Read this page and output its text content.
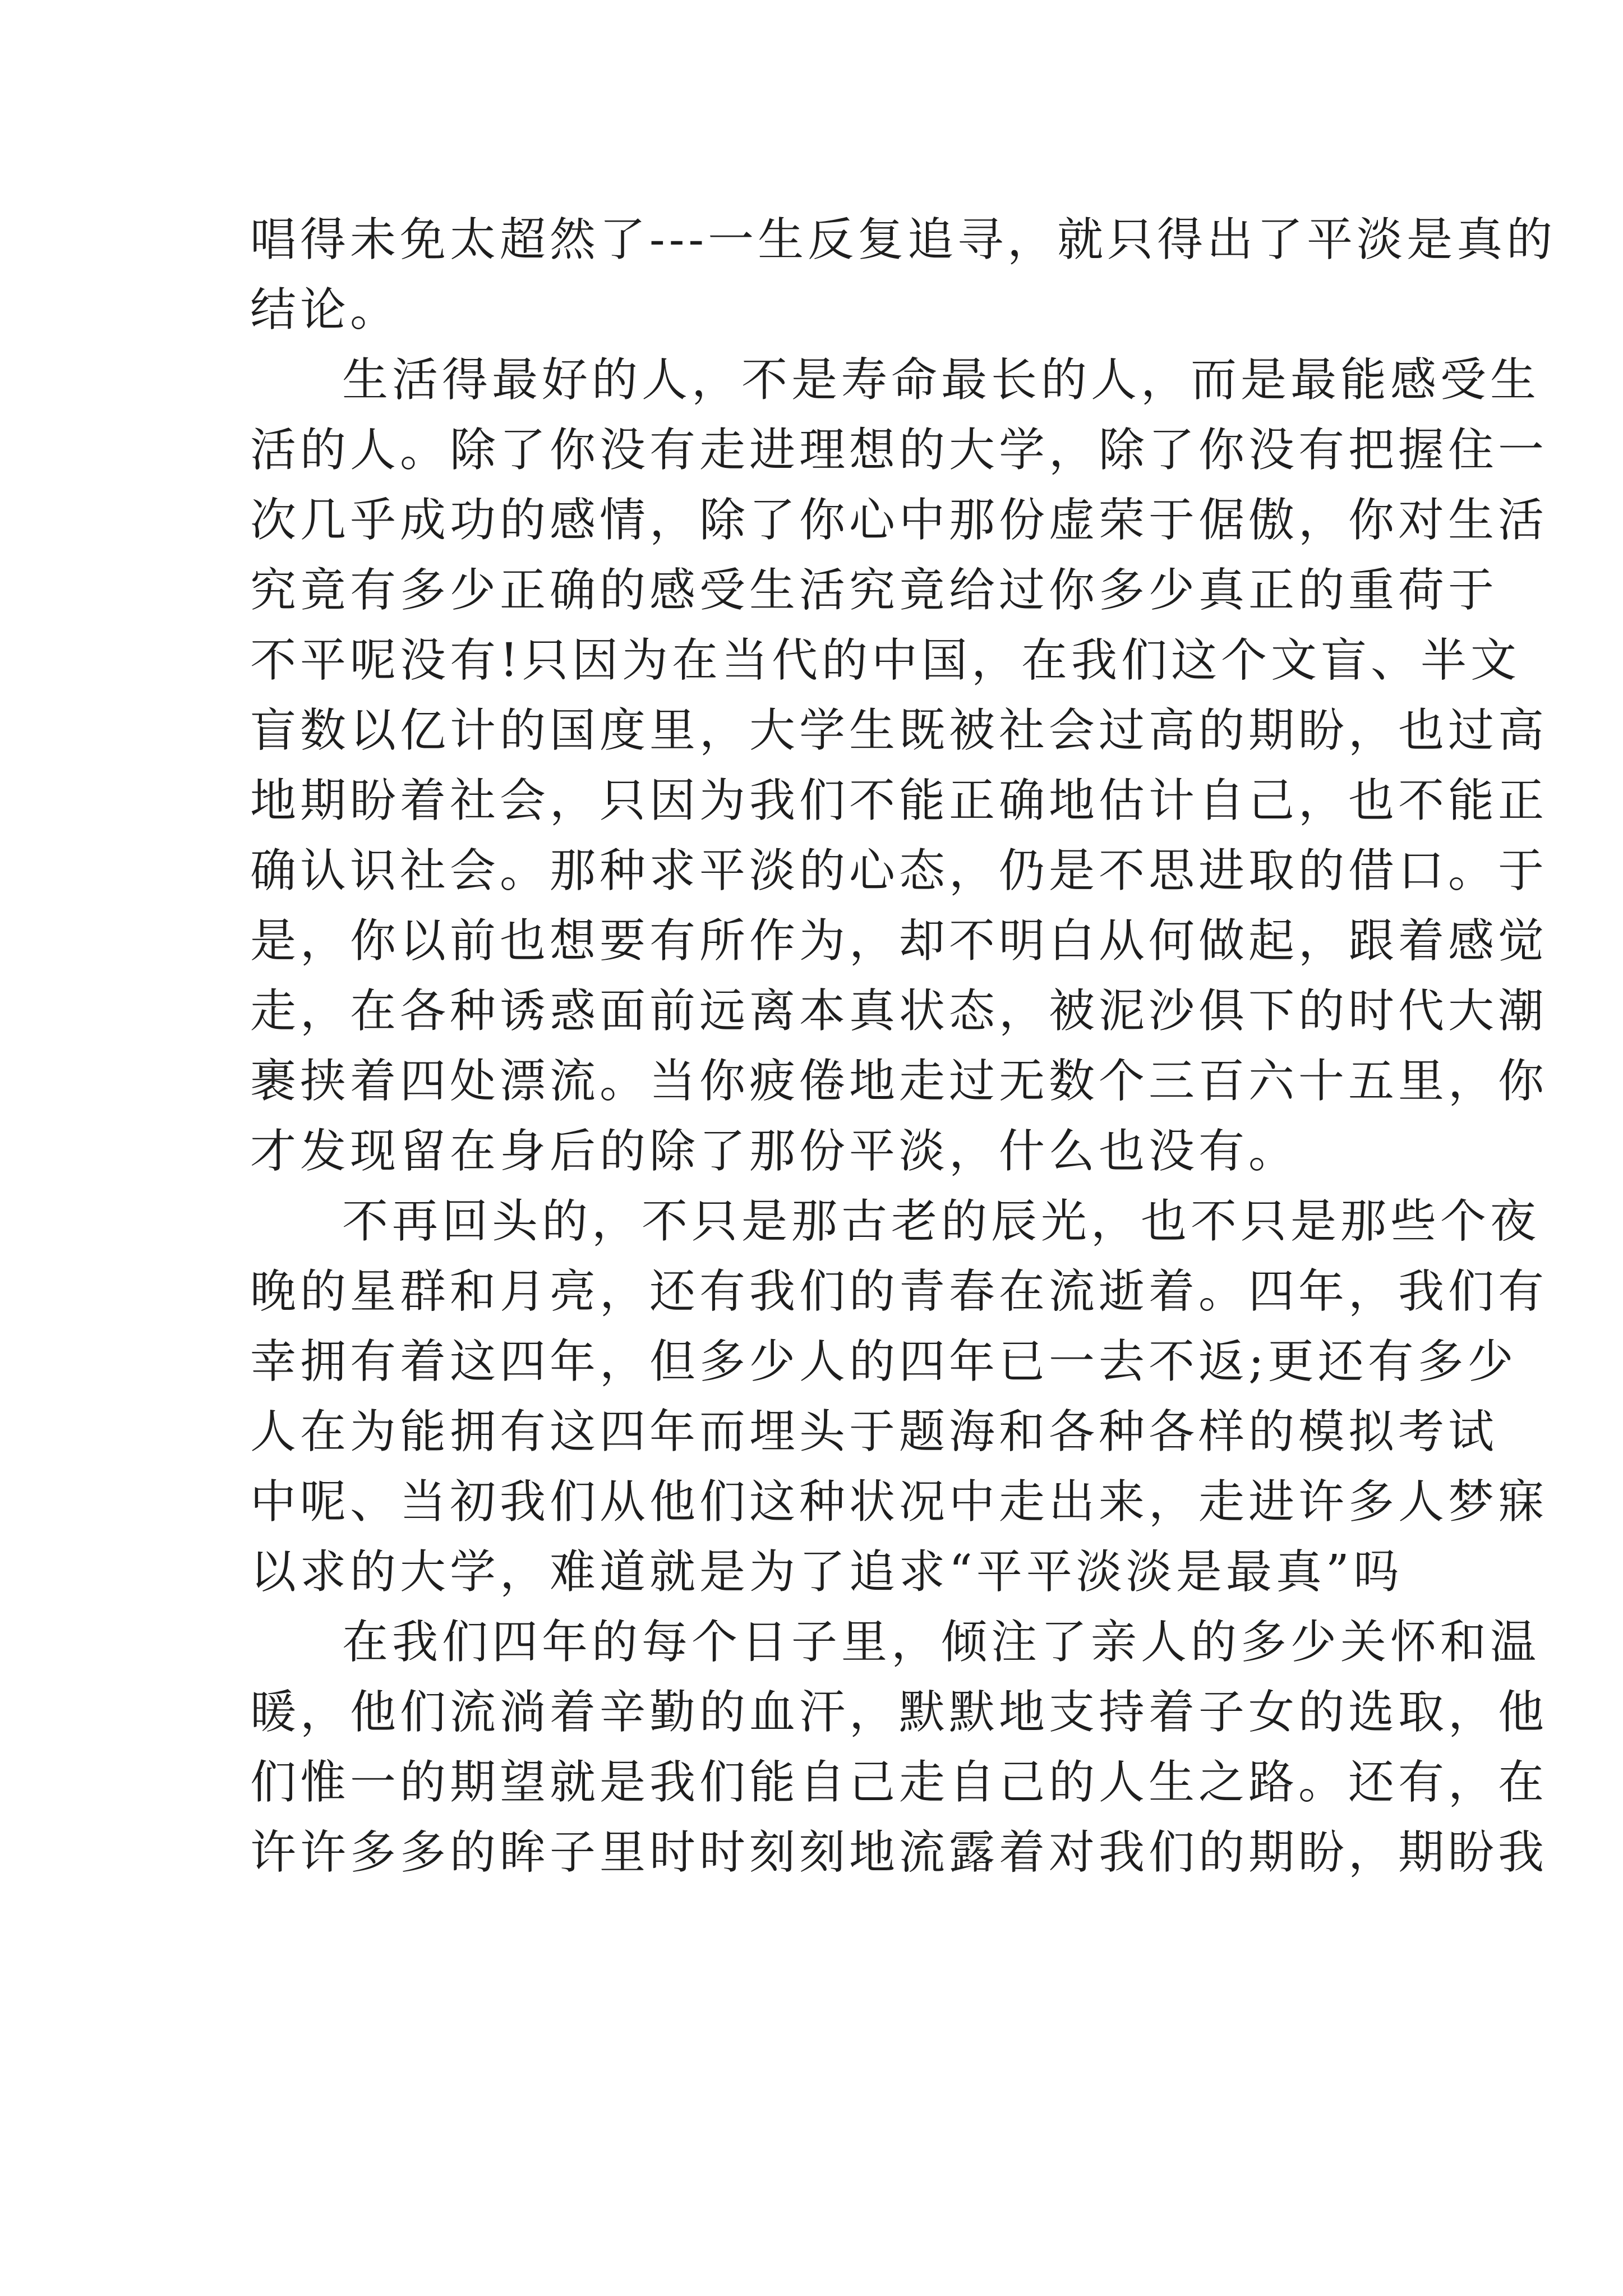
唱得未免太超然了---一生反复追寻，就只得出了平淡是真的
结论。
生活得最好的人，不是寿命最长的人，而是最能感受生
活的人。除了你没有走进理想的大学，除了你没有把握住一
次几乎成功的感情，除了你心中那份虚荣于倨傲，你对生活
究竟有多少正确的感受生活究竟给过你多少真正的重荷于
不平呢没有!只因为在当代的中国，在我们这个文盲、半文
盲数以亿计的国度里，大学生既被社会过高的期盼，也过高
地期盼着社会，只因为我们不能正确地估计自己，也不能正
确认识社会。那种求平淡的心态，仍是不思进取的借口。于
是，你以前也想要有所作为，却不明白从何做起，跟着感觉
走，在各种诱惑面前远离本真状态，被泥沙俱下的时代大潮
裹挟着四处漂流。当你疲倦地走过无数个三百六十五里，你
才发现留在身后的除了那份平淡，什么也没有。
不再回头的，不只是那古老的辰光，也不只是那些个夜
晚的星群和月亮，还有我们的青春在流逝着。四年，我们有
幸拥有着这四年，但多少人的四年已一去不返;更还有多少
人在为能拥有这四年而埋头于题海和各种各样的模拟考试
中呢、当初我们从他们这种状况中走出来，走进许多人梦寐
以求的大学，难道就是为了追求“平平淡淡是最真”吗
在我们四年的每个日子里，倾注了亲人的多少关怀和温
暖，他们流淌着辛勤的血汗，默默地支持着子女的选取，他
们惟一的期望就是我们能自己走自己的人生之路。还有，在
许许多多的眸子里时时刻刻地流露着对我们的期盼，期盼我
